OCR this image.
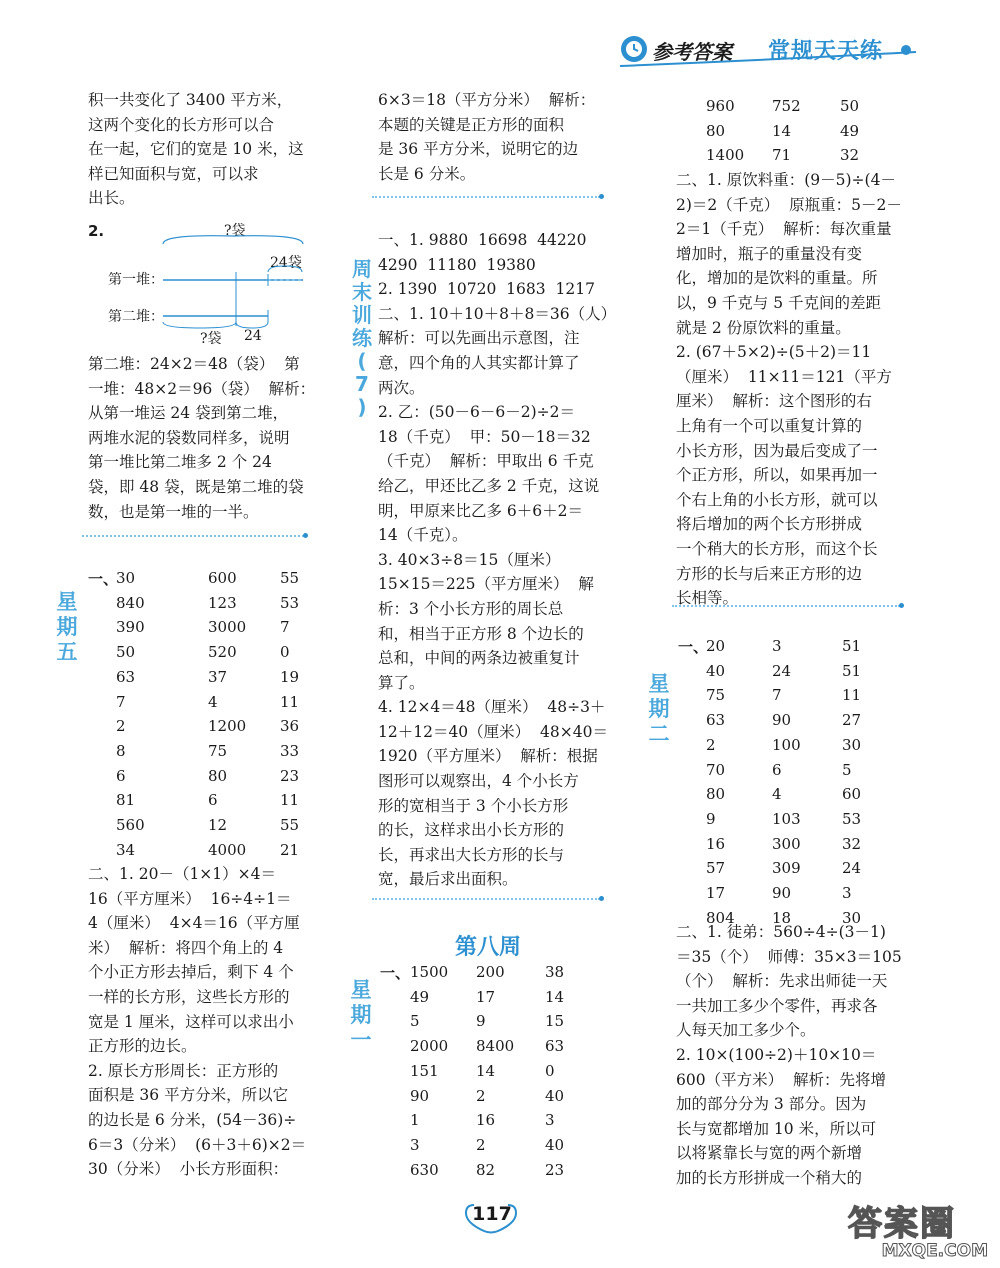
参考答案 常规天天练

积一共变化了 3400 平方米，

这两个变化的长方形可以合

在一起，它们的宽是 10 米，这

样已知面积与宽，可以求

出长。

2.	?袋
24袋
第一堆：
第二堆：
?袋 24

第二堆：24×2＝48（袋）  第

一堆：48×2＝96（袋）  解析：

从第一堆运 24 袋到第二堆，

两堆水泥的袋数同样多，说明

第一堆比第二堆多 2 个 24

袋，即 48 袋，既是第二堆的袋

数，也是第一堆的一半。

星
期
五
一、
30	600	55
840	123	53
390	3000	7
50	520	0
63	37	19
7	4	11
2	1200	36
8	75	33
6	80	23
81	6	11
560	12	55
34	4000	21

二、1. 20－（1×1）×4＝

16（平方厘米）  16÷4÷1＝

4（厘米）  4×4＝16（平方厘

米）  解析：将四个角上的 4

个小正方形去掉后，剩下 4 个

一样的长方形，这些长方形的

宽是 1 厘米，这样可以求出小

正方形的边长。

2. 原长方形周长：正方形的

面积是 36 平方分米，所以它

的边长是 6 分米，(54－36)÷

6＝3（分米）  (6＋3＋6)×2＝

30（分米）  小长方形面积：

6×3＝18（平方分米）  解析：

本题的关键是正方形的面积

是 36 平方分米，说明它的边

长是 6 分米。

周
末
训
练
(
7
)

一、1. 9880  16698  44220

4290  11180  19380

2. 1390  10720  1683  1217

二、1. 10＋10＋8＋8＝36（人）

解析：可以先画出示意图，注

意，四个角的人其实都计算了

两次。

2. 乙：(50－6－6－2)÷2＝

18（千克）  甲：50－18＝32

（千克）  解析：甲取出 6 千克

给乙，甲还比乙多 2 千克，这说

明，甲原来比乙多 6＋6＋2＝

14（千克）。

3. 40×3÷8＝15（厘米）

15×15＝225（平方厘米）  解

析：3 个小长方形的周长总

和，相当于正方形 8 个边长的

总和，中间的两条边被重复计

算了。

4. 12×4＝48（厘米）  48÷3＋

12＋12＝40（厘米）  48×40＝

1920（平方厘米）  解析：根据

图形可以观察出，4 个小长方

形的宽相当于 3 个小长方形

的长，这样求出小长方形的

长，再求出大长方形的长与

宽，最后求出面积。

第八周
星
期
一
一、 1500	200	38
49	17	14
5	9	15
2000	8400	63
151	14	0
90	2	40
1	16	3
3	2	40
630	82	23
960	752	50
80	14	49
1400	71	32

二、1. 原饮料重：(9－5)÷(4－

2)＝2（千克）  原瓶重：5－2－

2＝1（千克）  解析：每次重量

增加时，瓶子的重量没有变

化，增加的是饮料的重量。所

以，9 千克与 5 千克间的差距

就是 2 份原饮料的重量。

2. (67＋5×2)÷(5＋2)＝11

（厘米）  11×11＝121（平方

厘米）  解析：这个图形的右

上角有一个可以重复计算的

小长方形，因为最后变成了一

个正方形，所以，如果再加一

个右上角的小长方形，就可以

将后增加的两个长方形拼成

一个稍大的长方形，而这个长

方形的长与后来正方形的边

长相等。

星
期
二
一、
20	3	51
40	24	51
75	7	11
63	90	27
2	100	30
70	6	5
80	4	60
9	103	53
16	300	32
57	309	24
17	90	3
804	18	30

二、1. 徒弟：560÷4÷(3－1)

＝35（个）  师傅：35×3＝105

（个）  解析：先求出师徒一天

一共加工多少个零件，再求各

人每天加工多少个。

2. 10×(100÷2)＋10×10＝

600（平方米）  解析：先将增

加的部分分为 3 部分。因为

长与宽都增加 10 米，所以可

以将紧靠长与宽的两个新增

加的长方形拼成一个稍大的

117	答案圈
MXQE.COM
